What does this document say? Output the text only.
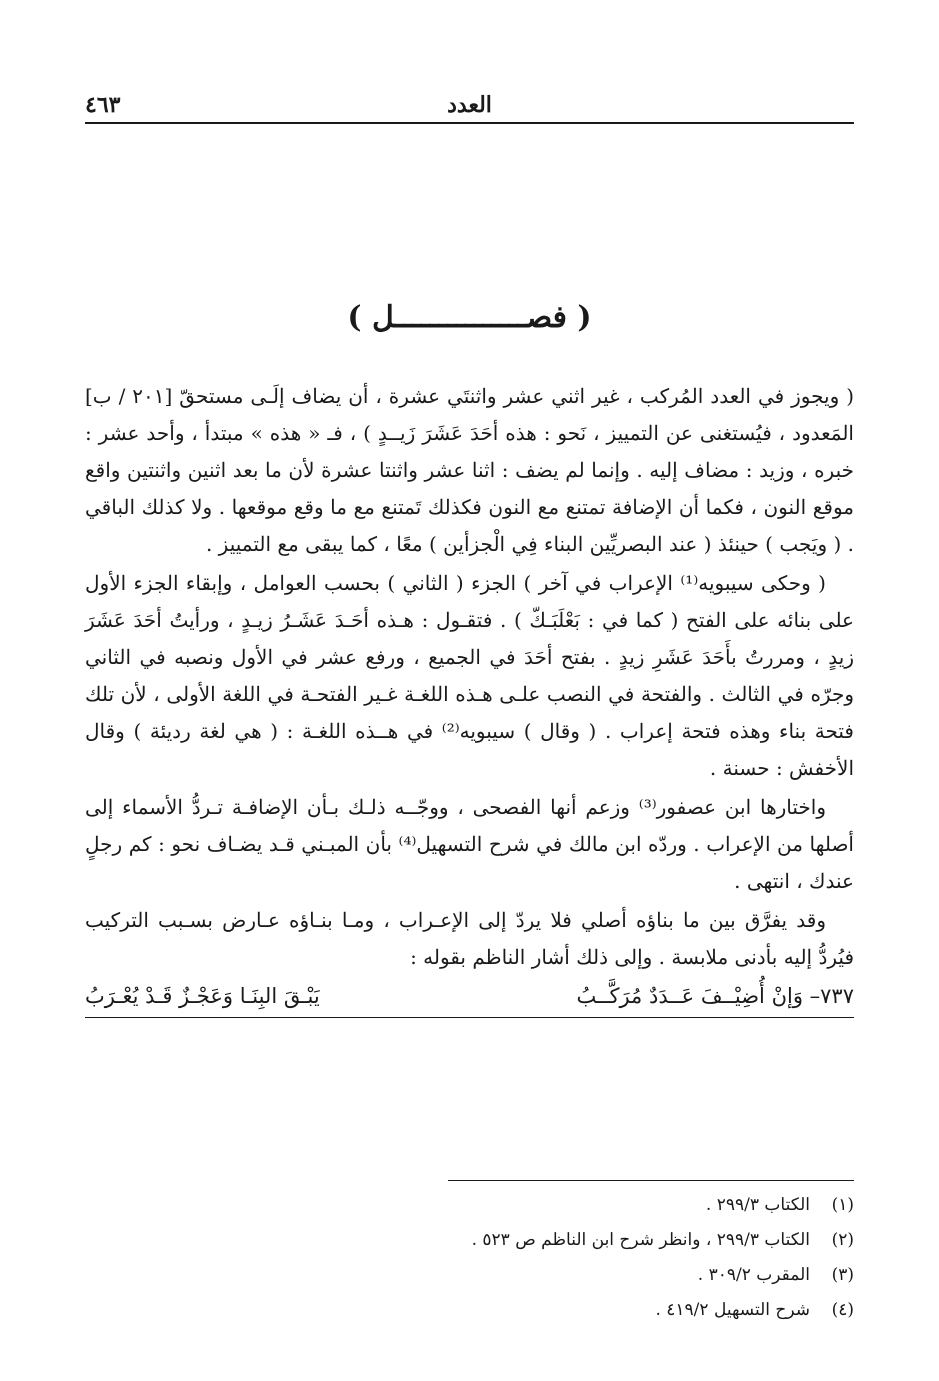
العدد
٤٦٣
( فصـــــــــــــــل )

( ويجوز في العدد المُركب ، غير اثني عشر واثنتَي عشرة ، أن يضاف إلَـى مستحقّ [٢٠١ / ب] المَعدود ، فيُستغنى عن التمييز ، نَحو : هذه أحَدَ عَشَرَ زَيــدٍ ) ، فـ « هذه » مبتدأ ، وأحد عشر : خبره ، وزيد : مضاف إليه . وإنما لم يضف : اثنا عشر واثنتا عشرة لأن ما بعد اثنين واثنتين واقع موقع النون ، فكما أن الإضافة تمتنع مع النون فكذلك تَمتنع مع ما وقع موقعها . ولا كذلك الباقي . ( ويَجب ) حينئذ ( عند البصريِّين البناء فِي الْجزأين ) معًا ، كما يبقى مع التمييز .

( وحكى سيبويه⁽¹⁾ الإعراب في آخر ) الجزء ( الثاني ) بحسب العوامل ، وإبقاء الجزء الأول على بنائه على الفتح ( كما في : بَعْلَبَـكّ ) . فتقـول : هـذه أحَـدَ عَشَـرُ زيـدٍ ، ورأيتُ أحَدَ عَشَرَ زيدٍ ، ومررتُ بأَحَدَ عَشَرِ زيدٍ . بفتح أحَدَ في الجميع ، ورفع عشر في الأول ونصبه في الثاني وجرّه في الثالث . والفتحة في النصب علـى هـذه اللغـة غـير الفتحـة في اللغة الأولى ، لأن تلك فتحة بناء وهذه فتحة إعراب . ( وقال ) سيبويه⁽²⁾ في هــذه اللغـة : ( هي لغة رديئة ) وقال الأخفش : حسنة .

واختارها ابن عصفور⁽³⁾ وزعم أنها الفصحى ، ووجّــه ذلـك بـأن الإضافـة تـردُّ الأسماء إلى أصلها من الإعراب . وردّه ابن مالك في شرح التسهيل⁽⁴⁾ بأن المبـني قـد يضـاف نحو : كم رجلٍ عندك ، انتهى .

وقد يفرَّق بين ما بناؤه أصلي فلا يردّ إلى الإعـراب ، ومـا بنـاؤه عـارض بسـبب التركيب فيُردُّ إليه بأدنى ملابسة . وإلى ذلك أشار الناظم بقوله :

٧٣٧– وَإنْ أُضِيْــفَ عَــدَدٌ مُرَكَّــبُ
يَبْـقَ البِنَـا وَعَجْـزٌ قَـدْ يُعْـرَبُ
(١)
الكتاب ٢٩٩/٣ .
(٢)
الكتاب ٢٩٩/٣ ، وانظر شرح ابن الناظم ص ٥٢٣ .
(٣)
المقرب ٣٠٩/٢ .
(٤)
شرح التسهيل ٤١٩/٢ .
